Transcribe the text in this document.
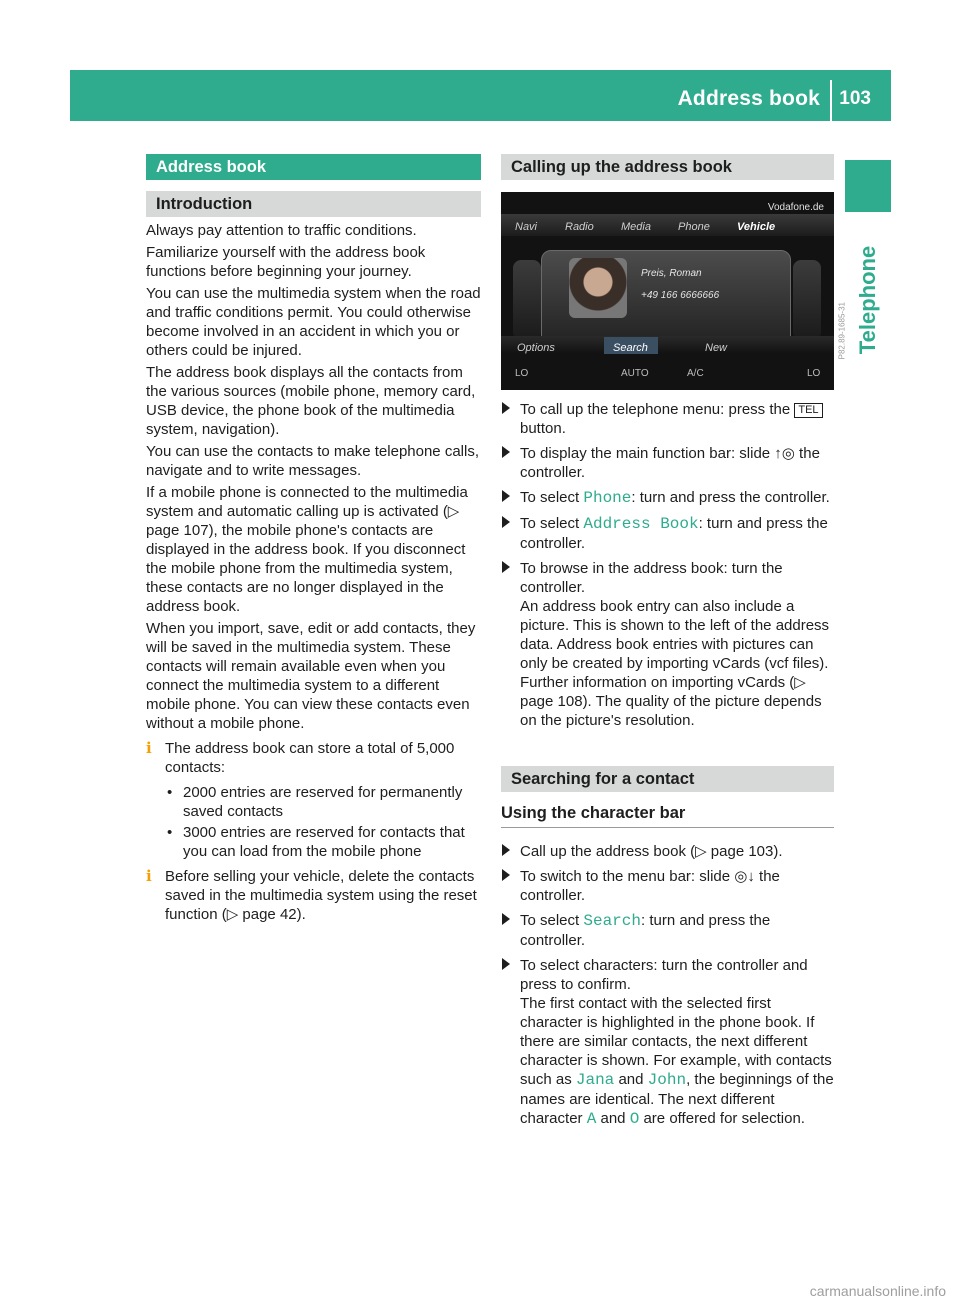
Address book 103
Telephone
Address book
Introduction

Always pay attention to traffic conditions.

Familiarize yourself with the address book functions before beginning your journey.

You can use the multimedia system when the road and traffic conditions permit. You could otherwise become involved in an accident in which you or others could be injured.

The address book displays all the contacts from the various sources (mobile phone, memory card, USB device, the phone book of the multimedia system, navigation).

You can use the contacts to make telephone calls, navigate and to write messages.

If a mobile phone is connected to the multimedia system and automatic calling up is activated (▷ page 107), the mobile phone's contacts are displayed in the address book. If you disconnect the mobile phone from the multimedia system, these contacts are no longer displayed in the address book.

When you import, save, edit or add contacts, they will be saved in the multimedia system. These contacts will remain available even when you connect the multimedia system to a different mobile phone. You can view these contacts even without a mobile phone.

i The address book can store a total of 5,000 contacts:
• 2000 entries are reserved for permanently saved contacts
• 3000 entries are reserved for contacts that you can load from the mobile phone
i Before selling your vehicle, delete the contacts saved in the multimedia system using the reset function (▷ page 42).
Calling up the address book
Vodafone.de
Navi	Radio Media Phone Vehicle
Preis, Roman
+49 166 6666666
Options	Search	New
LO	AUTO	A/C	LO
P82.89-1685-31
To call up the telephone menu: press the TEL button.
To display the main function bar: slide ↑◎ the controller.
To select Phone: turn and press the controller.
To select Address Book: turn and press the controller.
To browse in the address book: turn the controller.
An address book entry can also include a picture. This is shown to the left of the address data. Address book entries with pictures can only be created by importing vCards (vcf files). Further information on importing vCards (▷ page 108). The quality of the picture depends on the picture's resolution.
Searching for a contact
Using the character bar
Call up the address book (▷ page 103).
To switch to the menu bar: slide ◎↓ the controller.
To select Search: turn and press the controller.
To select characters: turn the controller and press to confirm.
The first contact with the selected first character is highlighted in the phone book. If there are similar contacts, the next different character is shown. For example, with contacts such as Jana and John, the beginnings of the names are identical. The next different character A and O are offered for selection.
carmanualsonline.info
